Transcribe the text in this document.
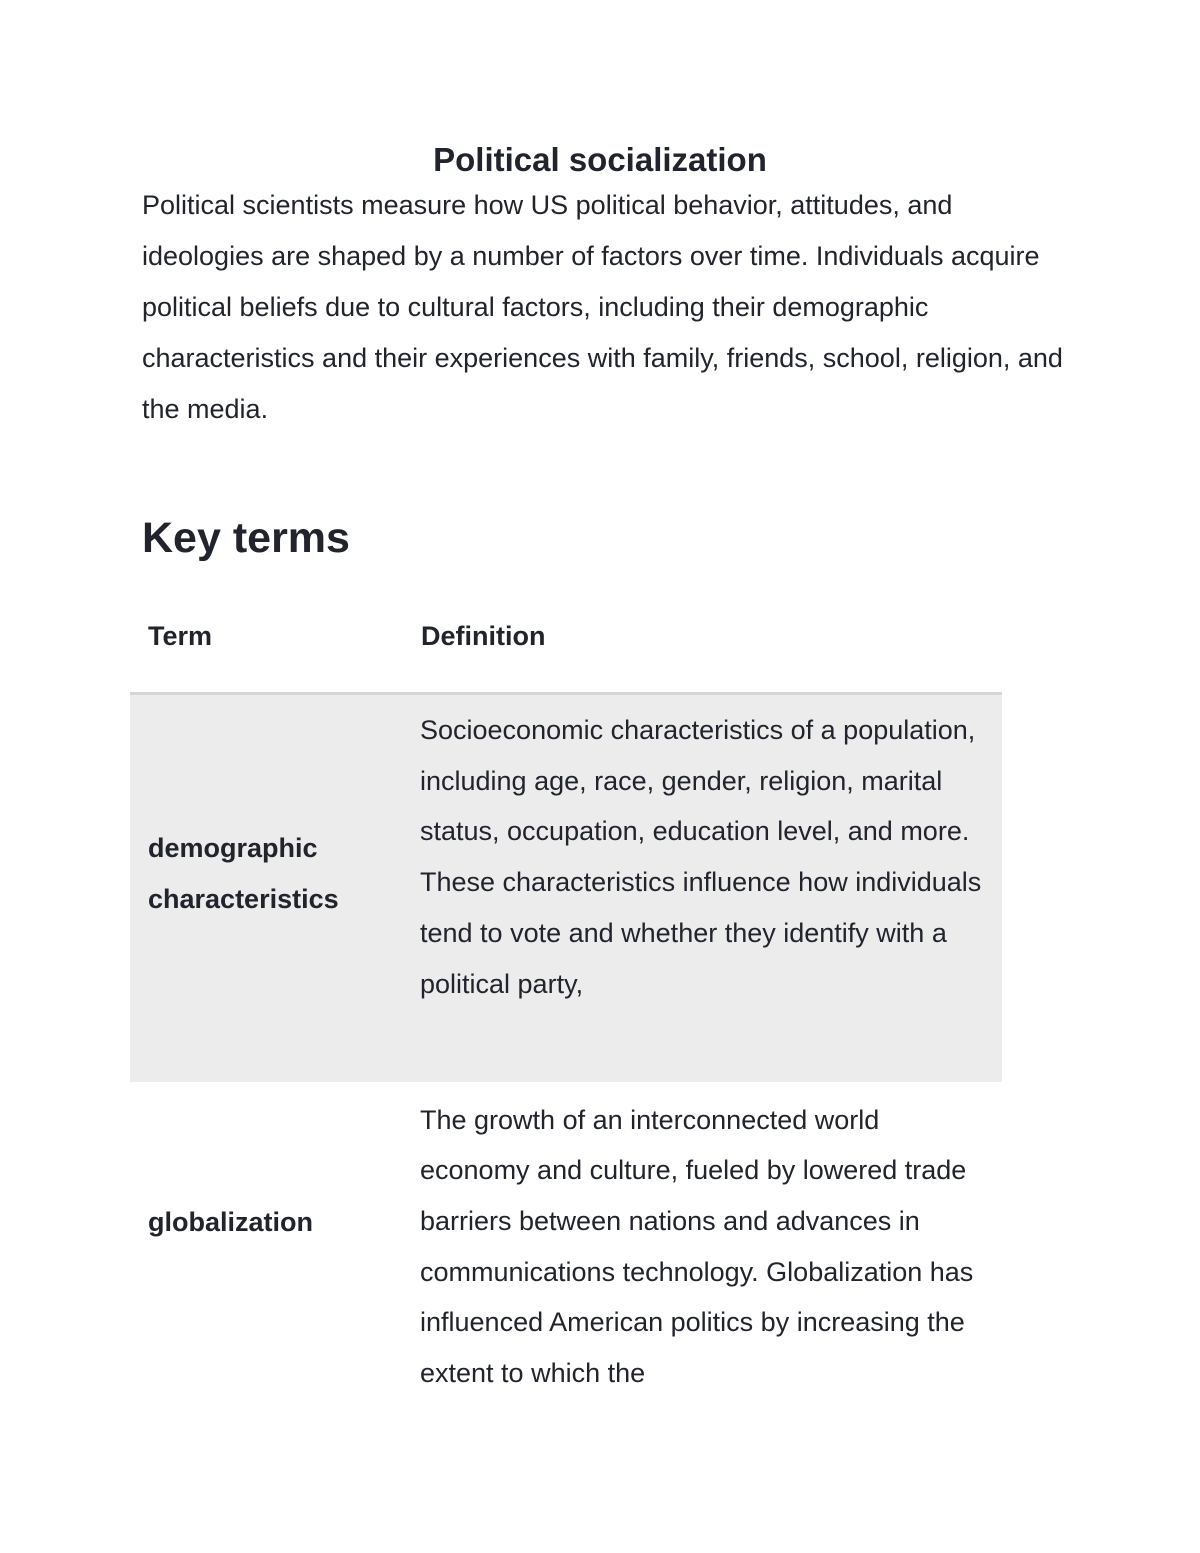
Political socialization

Political scientists measure how US political behavior, attitudes, and ideologies are shaped by a number of factors over time. Individuals acquire political beliefs due to cultural factors, including their demographic characteristics and their experiences with family, friends, school, religion, and the media.

Key terms
Term	Definition
demographic characteristics	Socioeconomic characteristics of a population, including age, race, gender, religion, marital status, occupation, education level, and more. These characteristics influence how individuals tend to vote and whether they identify with a political party,
globalization	The growth of an interconnected world economy and culture, fueled by lowered trade barriers between nations and advances in communications technology. Globalization has influenced American politics by increasing the extent to which the
